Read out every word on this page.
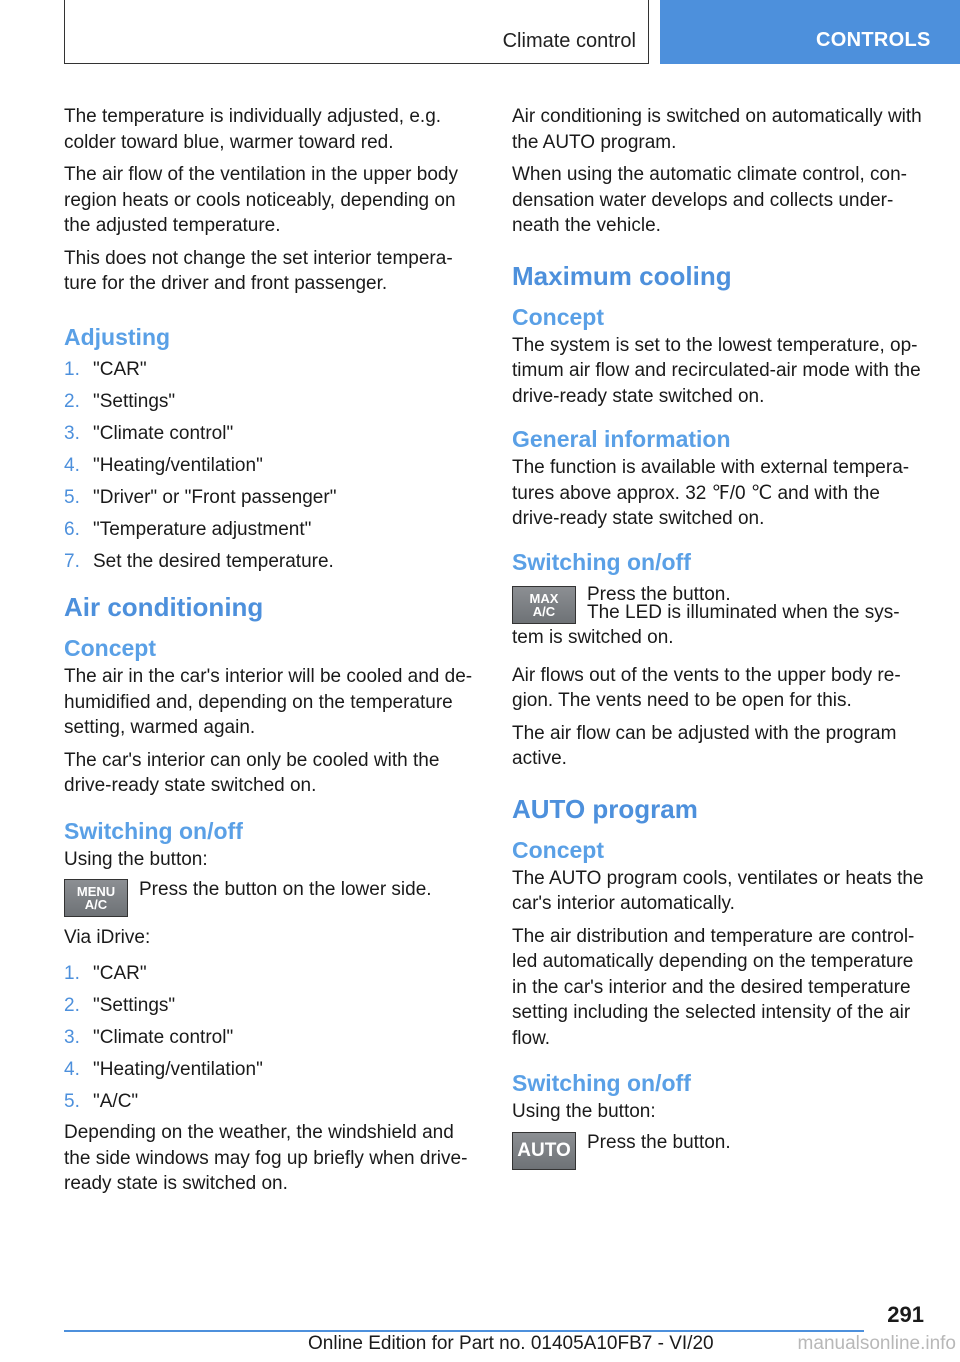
Climate control	CONTROLS

The temperature is individually adjusted, e.g. colder toward blue, warmer toward red.

The air flow of the ventilation in the upper body region heats or cools noticeably, depending on the adjusted temperature.

This does not change the set interior tempera‐ture for the driver and front passenger.

Adjusting
1. "CAR"
2. "Settings"
3. "Climate control"
4. "Heating/ventilation"
5. "Driver" or "Front passenger"
6. "Temperature adjustment"
7. Set the desired temperature.
Air conditioning
Concept

The air in the car's interior will be cooled and de‐humidified and, depending on the temperature setting, warmed again.

The car's interior can only be cooled with the drive-ready state switched on.

Switching on/off

Using the button:

MENU
A/C

Press the button on the lower side.

Via iDrive:

1. "CAR"
2. "Settings"
3. "Climate control"
4. "Heating/ventilation"
5. "A/C"

Depending on the weather, the windshield and the side windows may fog up briefly when drive-ready state is switched on.

Air conditioning is switched on automatically with the AUTO program.

When using the automatic climate control, con‐densation water develops and collects under‐neath the vehicle.

Maximum cooling
Concept

The system is set to the lowest temperature, op‐timum air flow and recirculated-air mode with the drive-ready state switched on.

General information

The function is available with external tempera‐tures above approx. 32 ℉/0 ℃ and with the drive-ready state switched on.

Switching on/off
MAX
A/C

Press the button.

The LED is illuminated when the sys‐tem is switched on.

Air flows out of the vents to the upper body re‐gion. The vents need to be open for this.

The air flow can be adjusted with the program active.

AUTO program
Concept

The AUTO program cools, ventilates or heats the car's interior automatically.

The air distribution and temperature are control‐led automatically depending on the temperature in the car's interior and the desired temperature setting including the selected intensity of the air flow.

Switching on/off

Using the button:

AUTO Press the button.

291
Online Edition for Part no. 01405A10FB7 - VI/20	manualsonline.info
